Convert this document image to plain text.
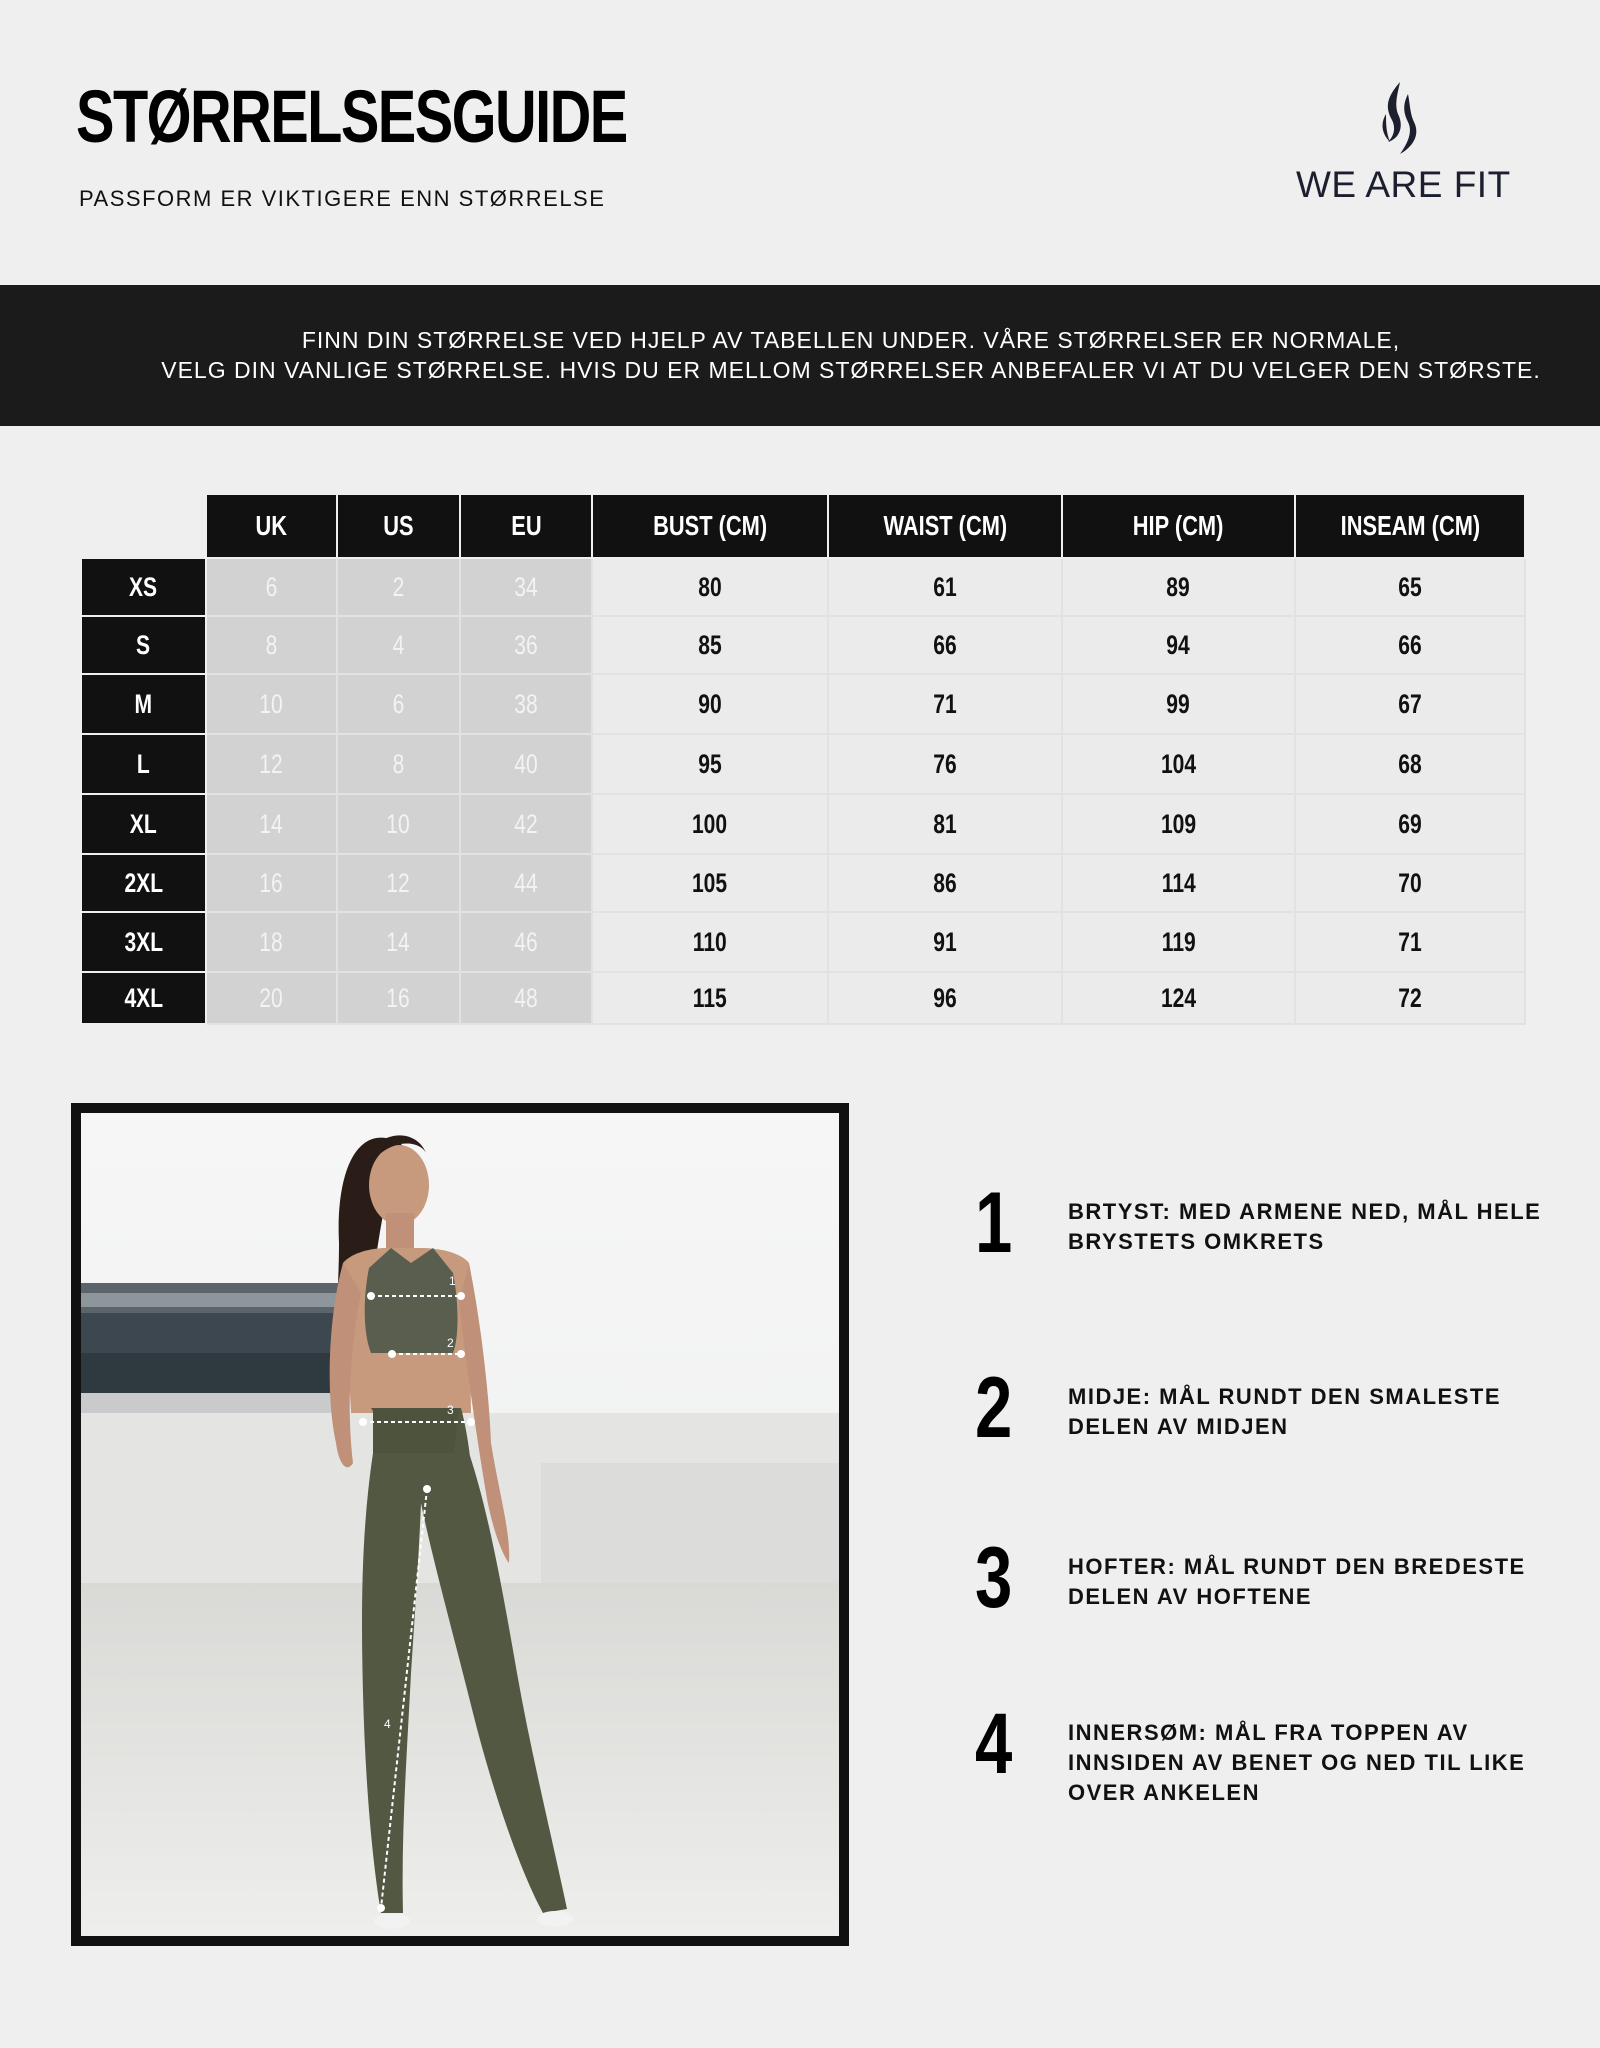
STØRRELSESGUIDE
PASSFORM ER VIKTIGERE ENN STØRRELSE	WE ARE FIT
FINN DIN STØRRELSE VED HJELP AV TABELLEN UNDER. VÅRE STØRRELSER ER NORMALE,
VELG DIN VANLIGE STØRRELSE. HVIS DU ER MELLOM STØRRELSER ANBEFALER VI AT DU VELGER DEN STØRSTE.
	UK	US	EU	BUST (CM)	WAIST (CM)	HIP (CM)	INSEAM (CM)
XS	6	2	34	80	61	89	65
S	8	4	36	85	66	94	66
M	10	6	38	90	71	99	67
L	12	8	40	95	76	104	68
XL	14	10	42	100	81	109	69
2XL	16	12	44	105	86	114	70
3XL	18	14	46	110	91	119	71
4XL	20	16	48	115	96	124	72
1
2
3
4
1	BRTYST: MED ARMENE NED, MÅL HELE BRYSTETS OMKRETS
2	MIDJE: MÅL RUNDT DEN SMALESTE DELEN AV MIDJEN
3	HOFTER: MÅL RUNDT DEN BREDESTE DELEN AV HOFTENE
4	INNERSØM: MÅL FRA TOPPEN AV INNSIDEN AV BENET OG NED TIL LIKE OVER ANKELEN
